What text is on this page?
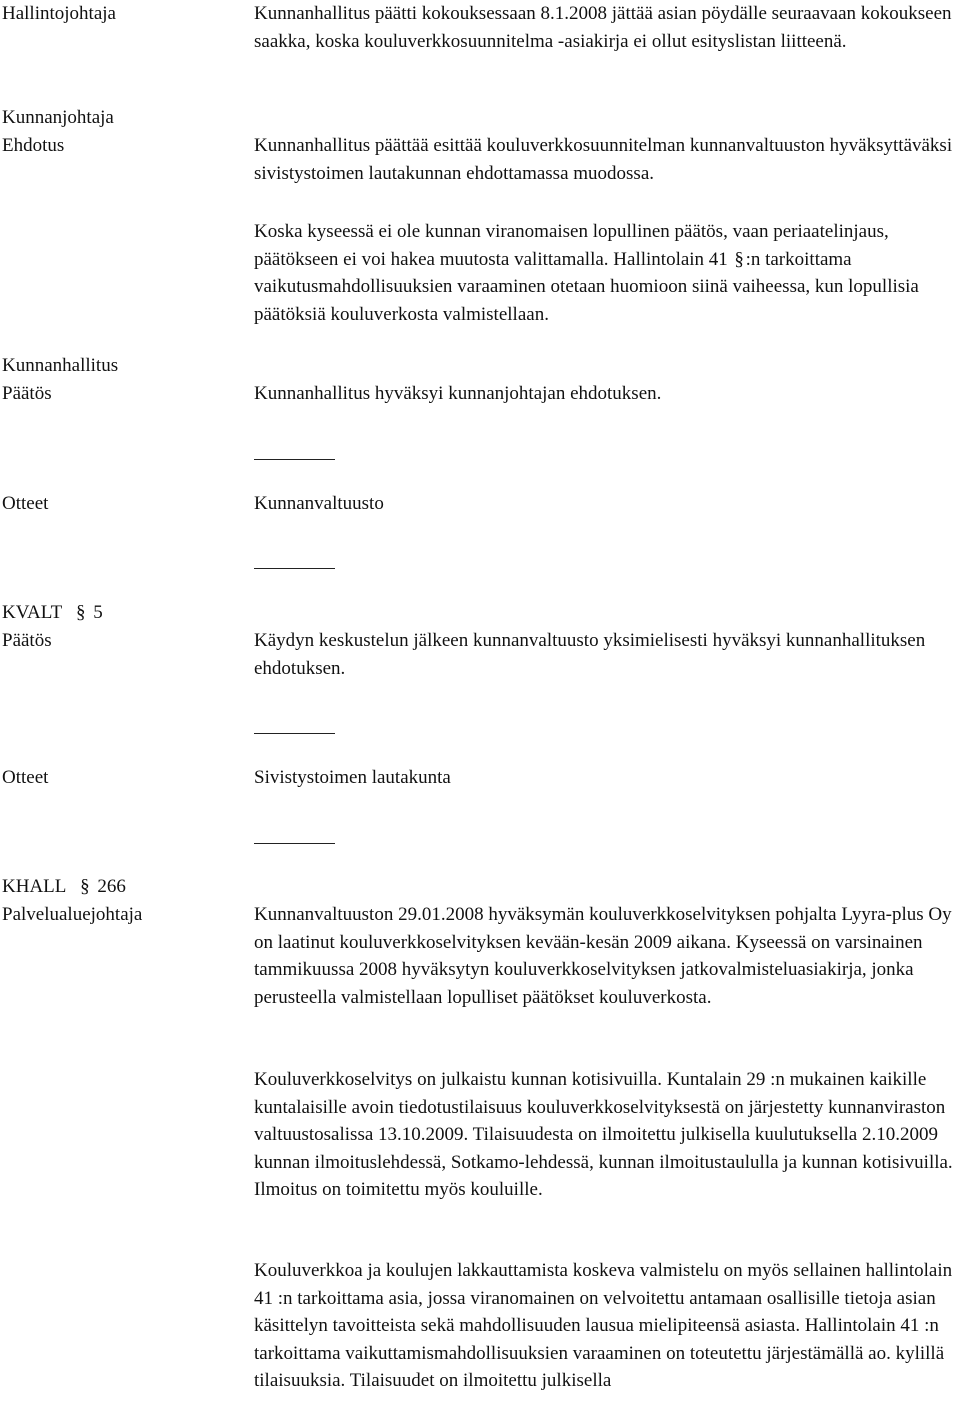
Hallintojohtaja	Kunnanhallitus päätti kokouksessaan 8.1.2008 jättää asian pöydälle seuraavaan kokoukseen saakka, koska kouluverkkosuunnitelma -asiakirja ei ollut esityslistan liitteenä.

Kunnanjohtaja
Ehdotus	Kunnanhallitus päättää esittää kouluverkkosuunnitelman kunnanvaltuuston hyväksyttäväksi sivistystoimen lautakunnan ehdottamassa muodossa.

Koska kyseessä ei ole kunnan viranomaisen lopullinen päätös, vaan periaatelinjaus, päätökseen ei voi hakea muutosta valittamalla. Hallintolain 41 §:n tarkoittama vaikutusmahdollisuuksien varaaminen otetaan huomioon siinä vaiheessa, kun lopullisia päätöksiä kouluverkosta valmistellaan.

Kunnanhallitus
Päätös	Kunnanhallitus hyväksyi kunnanjohtajan ehdotuksen.

Otteet	Kunnanvaltuusto

KVALT § 5

Päätös	Käydyn keskustelun jälkeen kunnanvaltuusto yksimielisesti hyväksyi kunnanhallituksen ehdotuksen.

Otteet	Sivistystoimen lautakunta

KHALL § 266

Palvelualuejohtaja	Kunnanvaltuuston 29.01.2008 hyväksymän kouluverkkoselvityksen pohjalta Lyyra-plus Oy on laatinut kouluverkkoselvityksen kevään-kesän 2009 aikana. Kyseessä on varsinainen tammikuussa 2008 hyväksytyn kouluverkkoselvityksen jatkovalmisteluasiakirja, jonka perusteella valmistellaan lopulliset päätökset kouluverkosta.

Kouluverkkoselvitys on julkaistu kunnan kotisivuilla. Kuntalain 29 :n mukainen kaikille kuntalaisille avoin tiedotustilaisuus kouluverkkoselvityksestä on järjestetty kunnanviraston valtuustosalissa 13.10.2009. Tilaisuudesta on ilmoitettu julkisella kuulutuksella 2.10.2009 kunnan ilmoituslehdessä, Sotkamo-lehdessä, kunnan ilmoitustaululla ja kunnan kotisivuilla. Ilmoitus on toimitettu myös kouluille.

Kouluverkkoa ja koulujen lakkauttamista koskeva valmistelu on myös sellainen hallintolain 41 :n tarkoittama asia, jossa viranomainen on velvoitettu antamaan osallisille tietoja asian käsittelyn tavoitteista sekä mahdollisuuden lausua mielipiteensä asiasta. Hallintolain 41 :n tarkoittama vaikuttamismahdollisuuksien varaaminen on toteutettu järjestämällä ao. kylillä tilaisuuksia. Tilaisuudet on ilmoitettu julkisella
